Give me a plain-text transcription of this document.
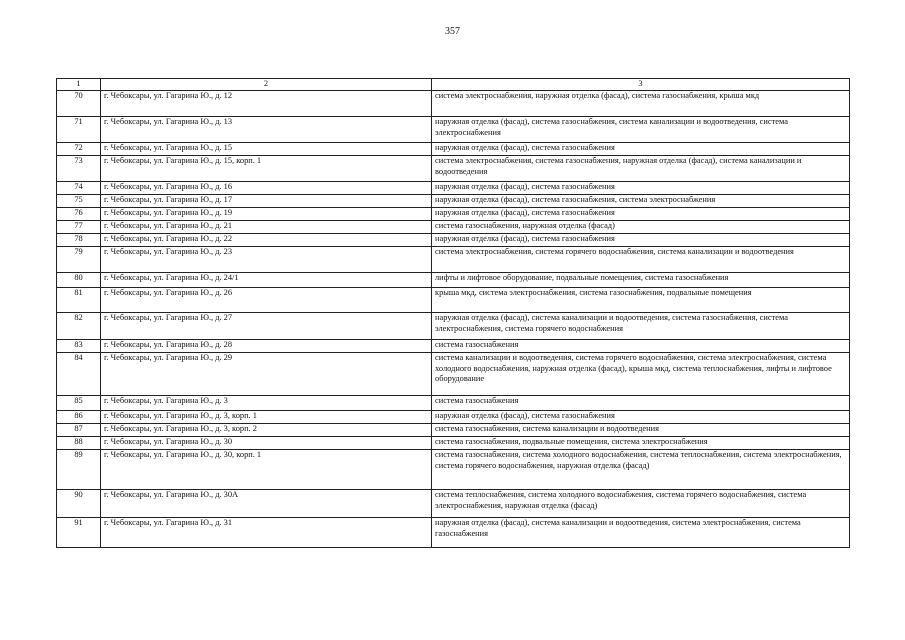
357
1	2	3
70	г. Чебоксары, ул. Гагарина Ю., д. 12	система электроснабжения, наружная отделка (фасад), система газоснабжения, крыша мкд
71	г. Чебоксары, ул. Гагарина Ю., д. 13	наружная отделка (фасад), система газоснабжения, система канализации и водоотведения, система электроснабжения
72	г. Чебоксары, ул. Гагарина Ю., д. 15	наружная отделка (фасад), система газоснабжения
73	г. Чебоксары, ул. Гагарина Ю., д. 15, корп. 1	система электроснабжения, система газоснабжения, наружная отделка (фасад), система канализации и водоотведения
74	г. Чебоксары, ул. Гагарина Ю., д. 16	наружная отделка (фасад), система газоснабжения
75	г. Чебоксары, ул. Гагарина Ю., д. 17	наружная отделка (фасад), система газоснабжения, система электроснабжения
76	г. Чебоксары, ул. Гагарина Ю., д. 19	наружная отделка (фасад), система газоснабжения
77	г. Чебоксары, ул. Гагарина Ю., д. 21	система газоснабжения, наружная отделка (фасад)
78	г. Чебоксары, ул. Гагарина Ю., д. 22	наружная отделка (фасад), система газоснабжения
79	г. Чебоксары, ул. Гагарина Ю., д. 23	система электроснабжения, система горячего водоснабжения, система канализации и водоотведения
80	г. Чебоксары, ул. Гагарина Ю., д. 24/1	лифты и лифтовое оборудование, подвальные помещения, система газоснабжения
81	г. Чебоксары, ул. Гагарина Ю., д. 26	крыша мкд, система электроснабжения, система газоснабжения, подвальные помещения
82	г. Чебоксары, ул. Гагарина Ю., д. 27	наружная отделка (фасад), система канализации и водоотведения, система газоснабжения, система электроснабжения, система горячего водоснабжения
83	г. Чебоксары, ул. Гагарина Ю., д. 28	система газоснабжения
84	г. Чебоксары, ул. Гагарина Ю., д. 29	система канализации и водоотведения, система горячего водоснабжения, система электроснабжения, система холодного водоснабжения, наружная отделка (фасад), крыша мкд, система теплоснабжения, лифты и лифтовое оборудование
85	г. Чебоксары, ул. Гагарина Ю., д. 3	система газоснабжения
86	г. Чебоксары, ул. Гагарина Ю., д. 3, корп. 1	наружная отделка (фасад), система газоснабжения
87	г. Чебоксары, ул. Гагарина Ю., д. 3, корп. 2	система газоснабжения, система канализации и водоотведения
88	г. Чебоксары, ул. Гагарина Ю., д. 30	система газоснабжения, подвальные помещения, система электроснабжения
89	г. Чебоксары, ул. Гагарина Ю., д. 30, корп. 1	система газоснабжения, система холодного водоснабжения, система теплоснабжения, система электроснабжения, система горячего водоснабжения, наружная отделка (фасад)
90	г. Чебоксары, ул. Гагарина Ю., д. 30А	система теплоснабжения, система холодного водоснабжения, система горячего водоснабжения, система электроснабжения, наружная отделка (фасад)
91	г. Чебоксары, ул. Гагарина Ю., д. 31	наружная отделка (фасад), система канализации и водоотведения, система электроснабжения, система газоснабжения
